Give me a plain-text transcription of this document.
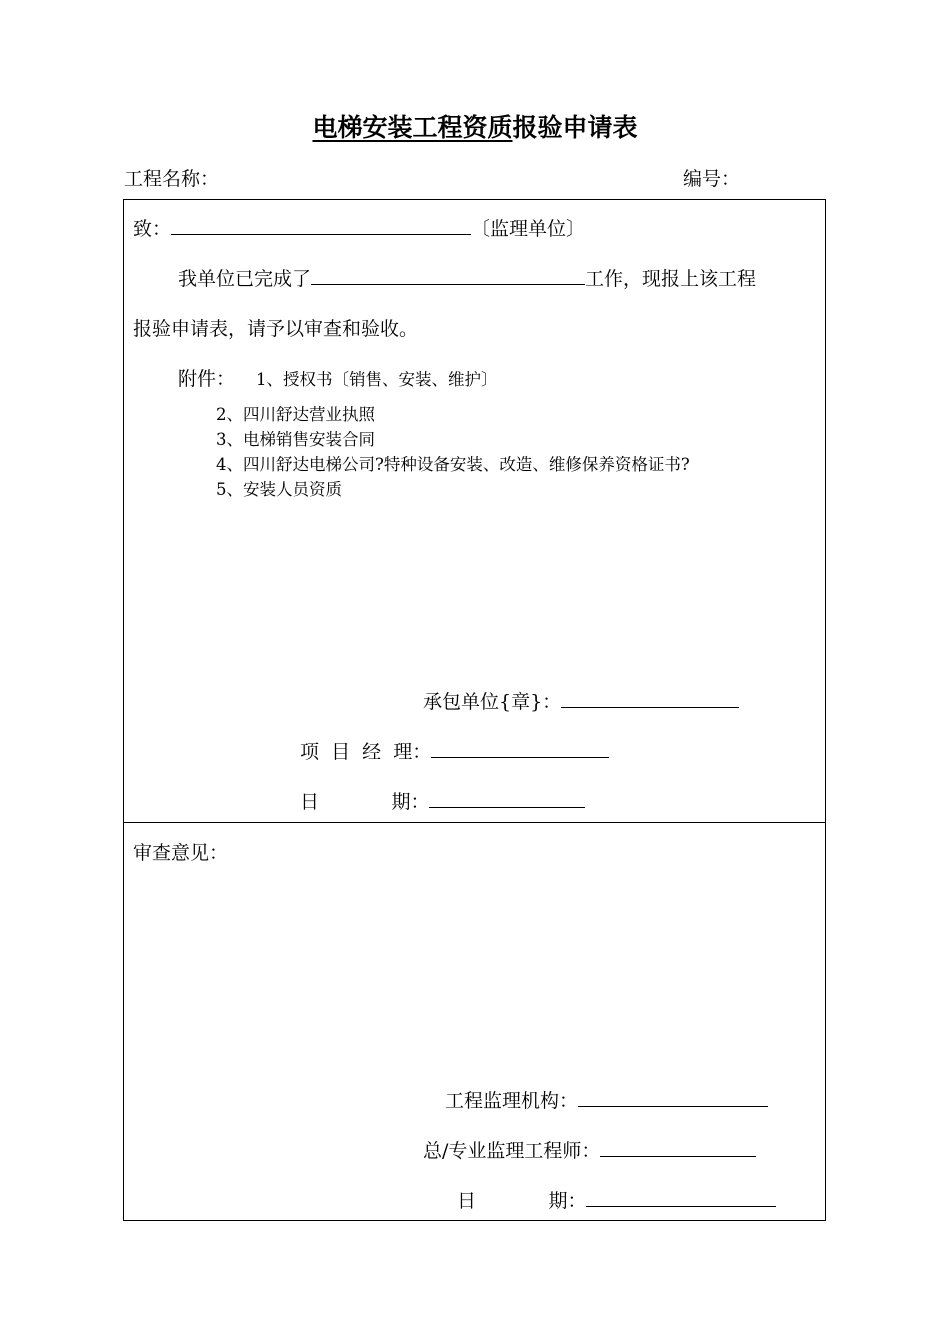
电梯安装工程资质报验申请表
工程名称：	编号：
致：	〔监理单位〕
我单位已完成了	工作，现报上该工程
报验申请表，请予以审查和验收。
附件： 1、授权书〔销售、安装、维护〕
2、四川舒达营业执照
3、电梯销售安装合同
4、四川舒达电梯公司?特种设备安装、改造、维修保养资格证书?
5、安装人员资质
承包单位{章}：
项  目  经  理：
日            期：
审查意见：
工程监理机构：
总/专业监理工程师：
日            期：
